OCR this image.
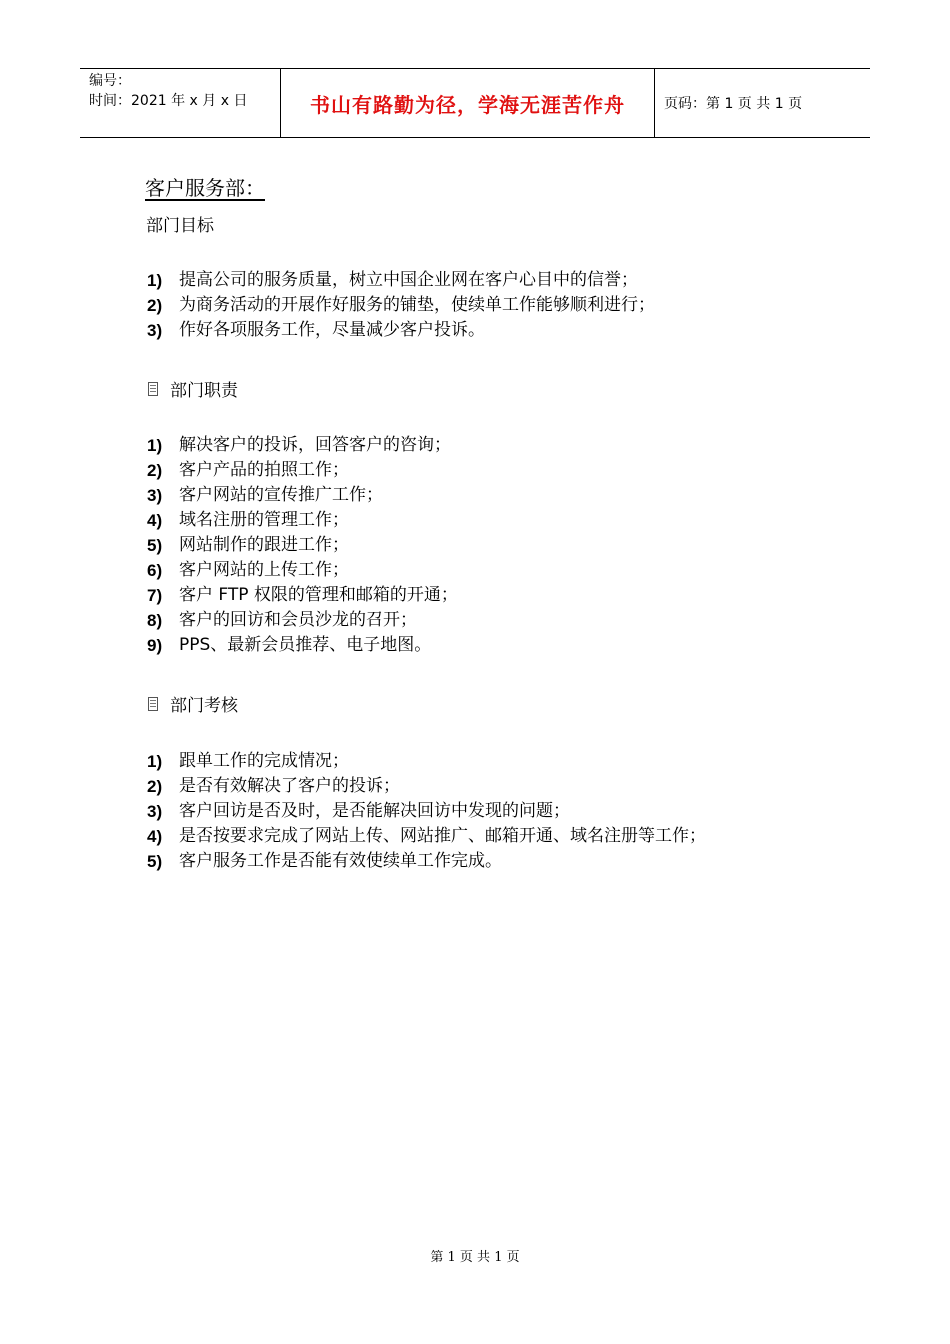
编号：
时间：2021 年 x 月 x 日	书山有路勤为径，学海无涯苦作舟	页码：第 1 页 共 1 页
客户服务部：
部门目标
1) 提高公司的服务质量，树立中国企业网在客户心目中的信誉；
2) 为商务活动的开展作好服务的铺垫，使续单工作能够顺利进行；
3) 作好各项服务工作，尽量减少客户投诉。
部门职责
1) 解决客户的投诉，回答客户的咨询；
2) 客户产品的拍照工作；
3) 客户网站的宣传推广工作；
4) 域名注册的管理工作；
5) 网站制作的跟进工作；
6) 客户网站的上传工作；
7) 客户 FTP 权限的管理和邮箱的开通；
8) 客户的回访和会员沙龙的召开；
9) PPS、最新会员推荐、电子地图。
部门考核
1) 跟单工作的完成情况；
2) 是否有效解决了客户的投诉；
3) 客户回访是否及时，是否能解决回访中发现的问题；
4) 是否按要求完成了网站上传、网站推广、邮箱开通、域名注册等工作；
5) 客户服务工作是否能有效使续单工作完成。
第 1 页 共 1 页
